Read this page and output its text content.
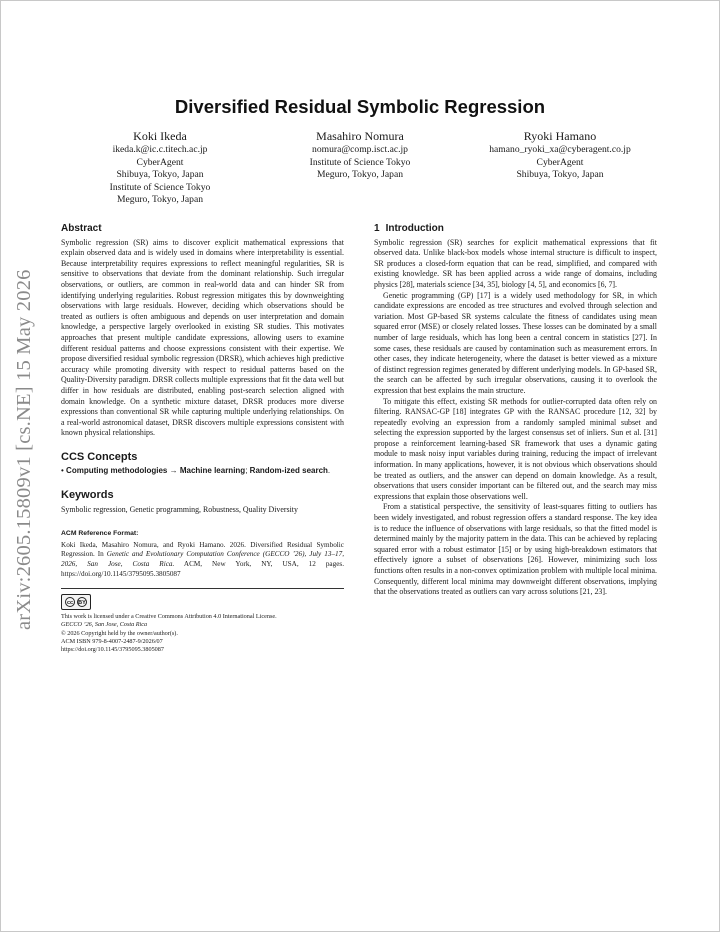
arXiv:2605.15809v1 [cs.NE] 15 May 2026
Diversified Residual Symbolic Regression
Koki Ikeda
ikeda.k@ic.c.titech.ac.jp
CyberAgent
Shibuya, Tokyo, Japan
Institute of Science Tokyo
Meguro, Tokyo, Japan
Masahiro Nomura
nomura@comp.isct.ac.jp
Institute of Science Tokyo
Meguro, Tokyo, Japan
Ryoki Hamano
hamano_ryoki_xa@cyberagent.co.jp
CyberAgent
Shibuya, Tokyo, Japan
Abstract

Symbolic regression (SR) aims to discover explicit mathematical expressions that explain observed data and is widely used in domains where interpretability is essential. Because interpretability requires expressions to reflect meaningful regularities, SR is sensitive to observations that deviate from the dominant relationship. Such irregular observations, or outliers, are common in real-world data and can hinder SR from identifying underlying regularities. Robust regression mitigates this by downweighting observations with large residuals. However, deciding which observations should be treated as outliers is often ambiguous and depends on user interpretation and domain knowledge, a perspective largely overlooked in existing SR studies. This motivates approaches that present multiple candidate expressions, allowing users to examine different residual patterns and choose expressions consistent with their expertise. We propose diversified residual symbolic regression (DRSR), which achieves high predictive accuracy while promoting diversity with respect to residual patterns based on the Quality-Diversity paradigm. DRSR collects multiple expressions that fit the data well but differ in how residuals are distributed, enabling post-search selection aligned with domain knowledge. On a synthetic mixture dataset, DRSR produces more diverse expressions than conventional SR while capturing multiple underlying relationships. On a real-world astronomical dataset, DRSR discovers multiple expressions consistent with known physical relationships.

CCS Concepts

• Computing methodologies → Machine learning; Random-ized search.

Keywords

Symbolic regression, Genetic programming, Robustness, Quality Diversity

ACM Reference Format:

Koki Ikeda, Masahiro Nomura, and Ryoki Hamano. 2026. Diversified Residual Symbolic Regression. In Genetic and Evolutionary Computation Conference (GECCO ’26), July 13–17, 2026, San Jose, Costa Rica. ACM, New York, NY, USA, 12 pages. https://doi.org/10.1145/3795095.3805087

cc BY
This work is licensed under a Creative Commons Attribution 4.0 International License.
GECCO ’26, San Jose, Costa Rica
© 2026 Copyright held by the owner/author(s).
ACM ISBN 979-8-4007-2487-9/2026/07
https://doi.org/10.1145/3795095.3805087
1 Introduction

Symbolic regression (SR) searches for explicit mathematical expressions that fit observed data. Unlike black-box models whose internal structure is difficult to inspect, SR produces a closed-form equation that can be read, simplified, and compared with existing knowledge. SR has been applied across a wide range of domains, including physics [28], materials science [34, 35], biology [4, 5], and economics [6, 7].

Genetic programming (GP) [17] is a widely used methodology for SR, in which candidate expressions are encoded as tree structures and evolved through selection and variation. Most GP-based SR systems calculate the fitness of candidates using mean squared error (MSE) or closely related losses. These losses can be dominated by a small number of large residuals, which has long been a central concern in statistics [27]. In some cases, these residuals are caused by contamination such as measurement errors. In other cases, they indicate heterogeneity, where the dataset is better viewed as a mixture of distinct regression regimes generated by different underlying models. In GP-based SR, the search can be affected by such irregular observations, causing it to overlook the expression that best explains the main structure.

To mitigate this effect, existing SR methods for outlier-corrupted data often rely on filtering. RANSAC-GP [18] integrates GP with the RANSAC procedure [12, 32] by repeatedly evolving an expression from a randomly sampled minimal subset and selecting the expression supported by the largest consensus set of inliers. Sun et al. [31] propose a reinforcement learning-based SR framework that uses a dynamic gating module to mask noisy input variables during training, reducing the impact of irrelevant information. In many applications, however, it is not obvious which observations should be treated as outliers, and the answer can depend on domain knowledge. As a result, observations that users consider important can be filtered out, and the search may miss expressions that explain those observations well.

From a statistical perspective, the sensitivity of least-squares fitting to outliers has been widely investigated, and robust regression offers a standard response. The key idea is to reduce the influence of observations with large residuals, so that the fitted model is determined mainly by the majority pattern in the data. This can be achieved by replacing squared error with a robust estimator [15] or by using high-breakdown estimators that effectively ignore a subset of observations [26]. However, minimizing such loss functions often results in a non-convex optimization problem with multiple local minima. Consequently, different local minima may downweight different observations, implying that the observations treated as outliers can vary across solutions [21, 23].
